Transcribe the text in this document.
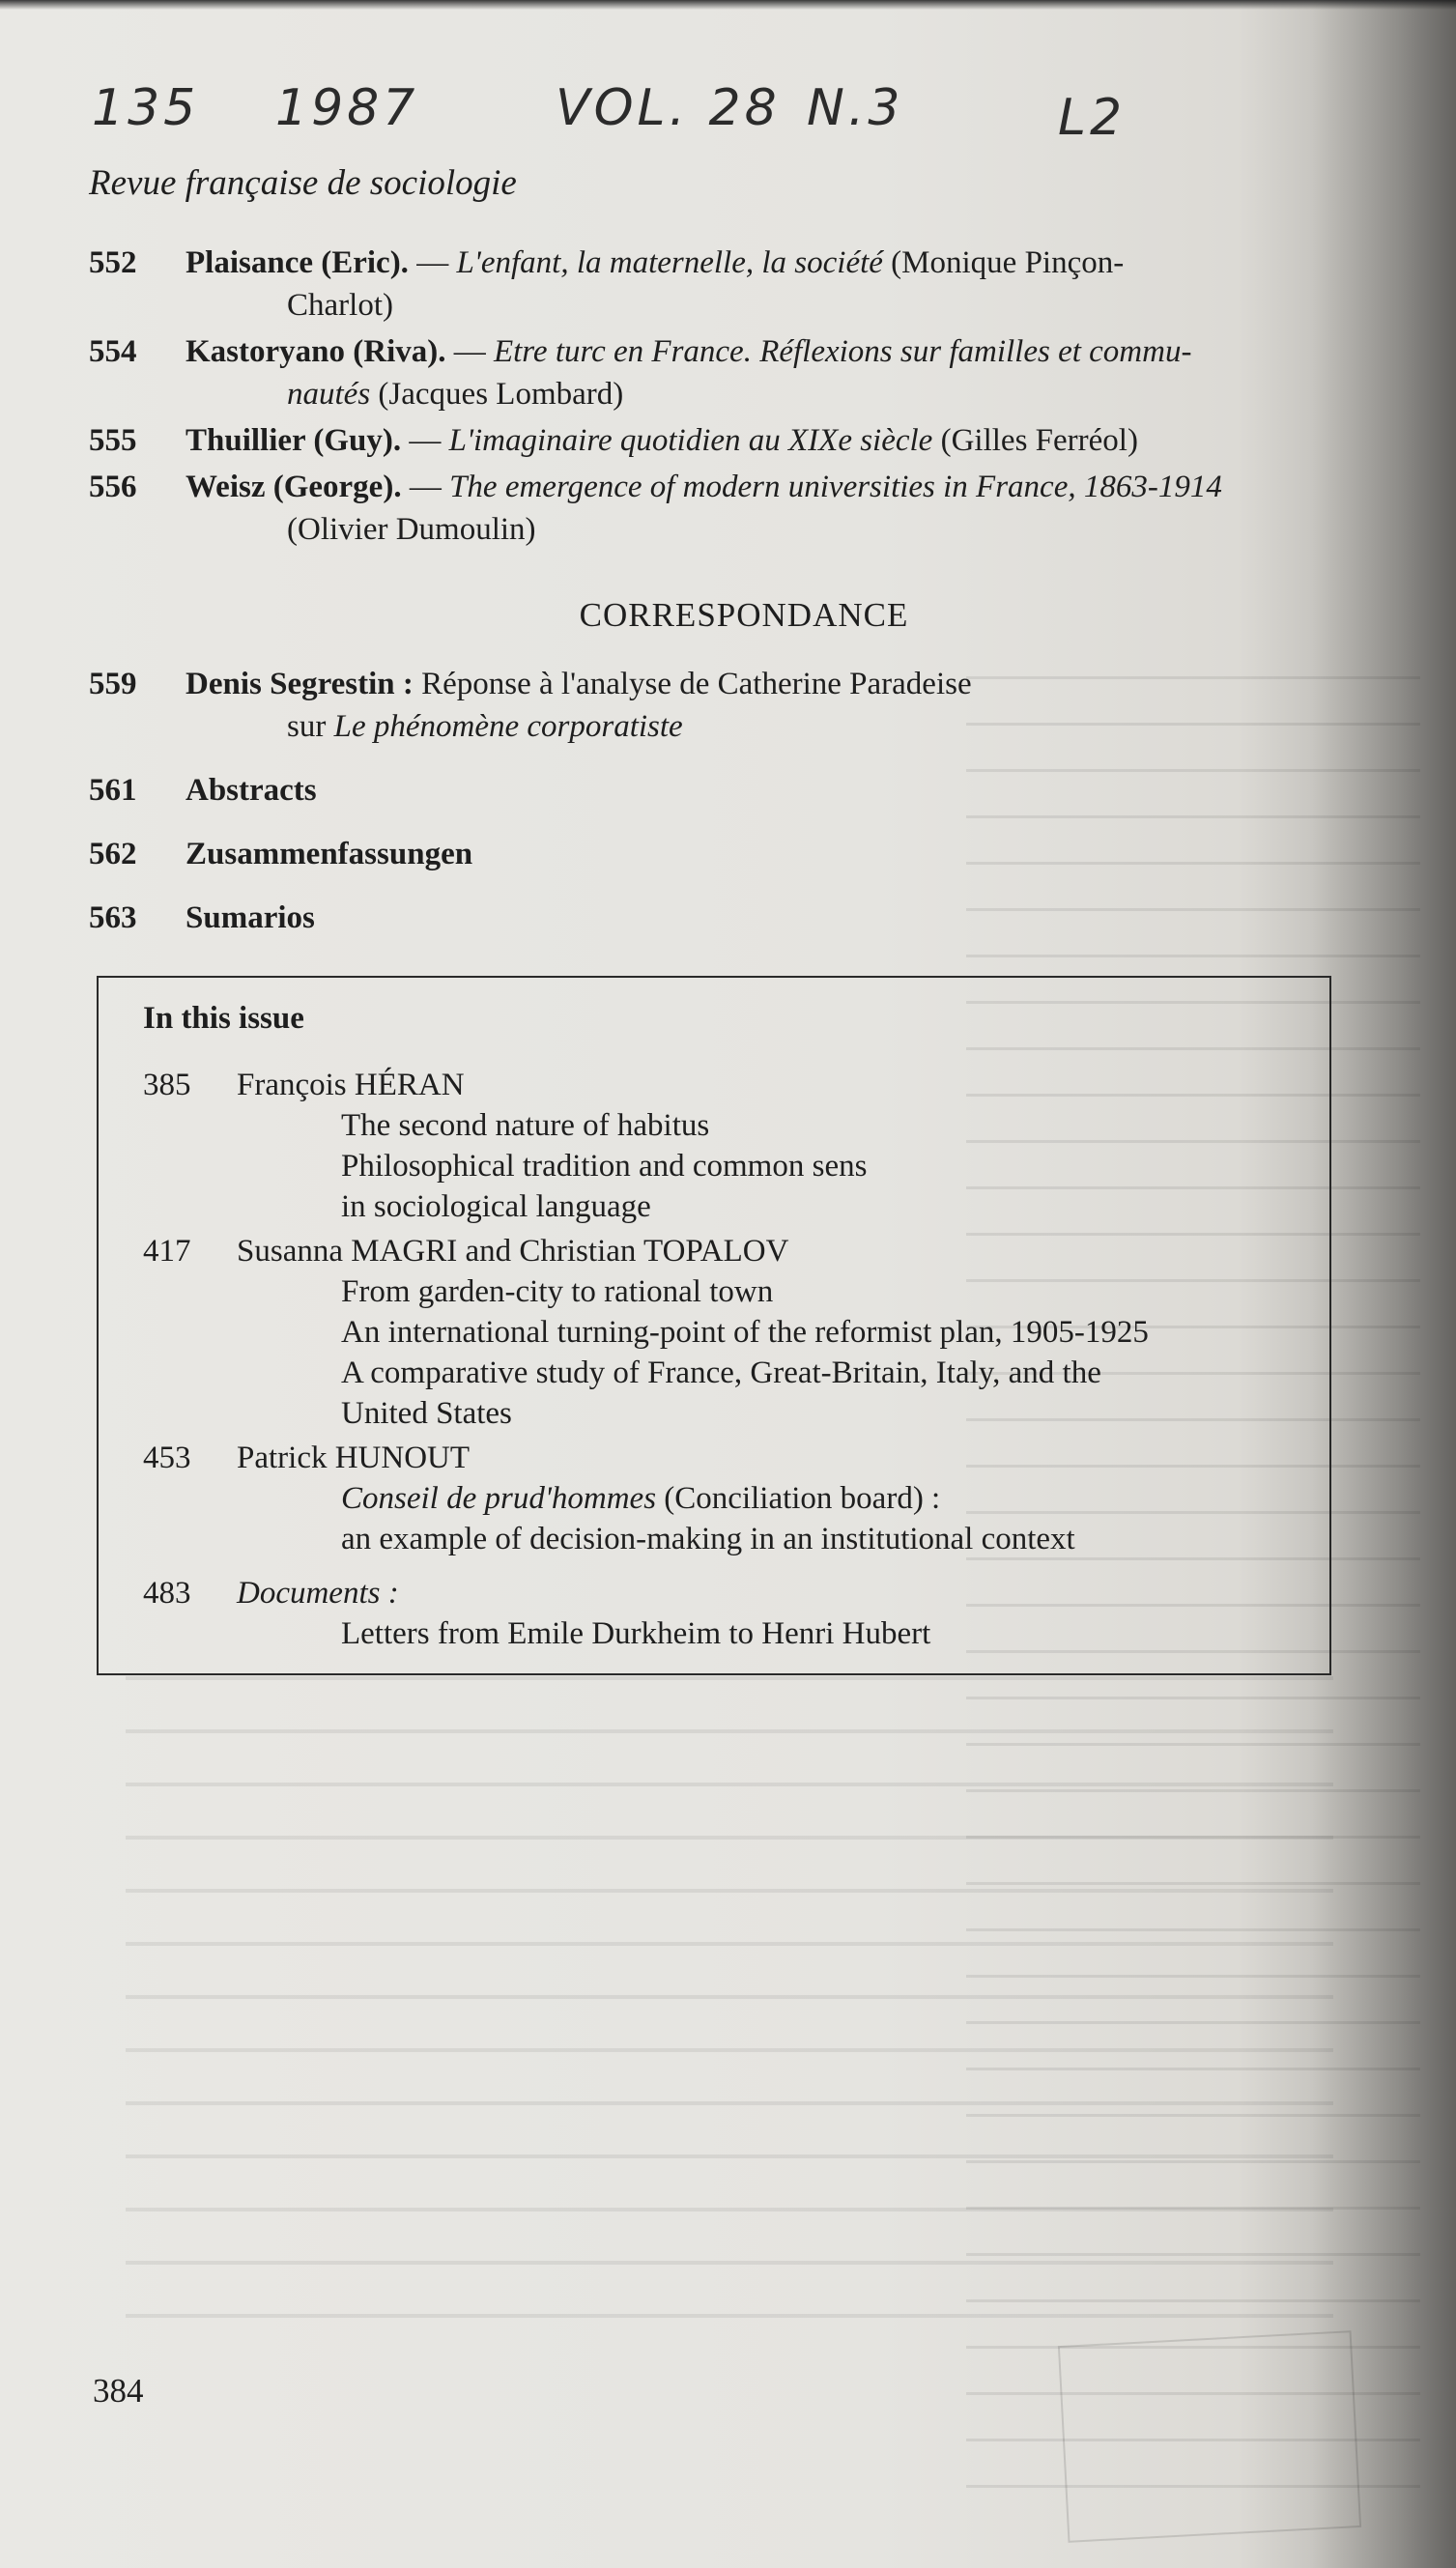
135 1987	VOL. 28 N.3	L2
Revue française de sociologie
552 Plaisance (Eric). — L'enfant, la maternelle, la société (Monique Pinçon-
Charlot)
554 Kastoryano (Riva). — Etre turc en France. Réflexions sur familles et commu-
nautés (Jacques Lombard)
555 Thuillier (Guy). — L'imaginaire quotidien au XIXe siècle (Gilles Ferréol)
556 Weisz (George). — The emergence of modern universities in France, 1863-1914
(Olivier Dumoulin)
CORRESPONDANCE
559 Denis Segrestin : Réponse à l'analyse de Catherine Paradeise
sur Le phénomène corporatiste
561 Abstracts
562 Zusammenfassungen
563 Sumarios
In this issue
385 François HÉRAN
The second nature of habitus
Philosophical tradition and common sens
in sociological language
417 Susanna MAGRI and Christian TOPALOV
From garden-city to rational town
An international turning-point of the reformist plan, 1905-1925
A comparative study of France, Great-Britain, Italy, and the
United States
453 Patrick HUNOUT
Conseil de prud'hommes (Conciliation board) :
an example of decision-making in an institutional context
483 Documents :
Letters from Emile Durkheim to Henri Hubert
384
